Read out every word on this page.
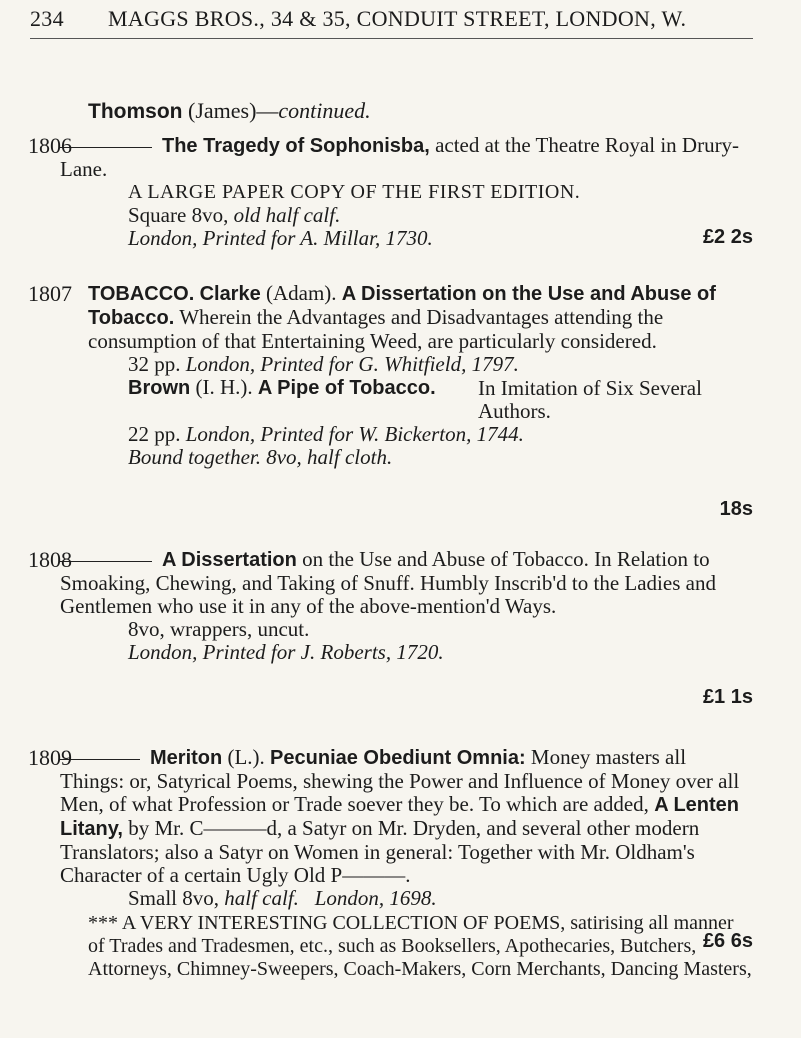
234 MAGGS BROS., 34 & 35, CONDUIT STREET, LONDON, W.
Thomson (James)—continued.
1806	The Tragedy of Sophonisba, acted at the Theatre Royal in Drury-Lane.
A LARGE PAPER COPY OF THE FIRST EDITION.
Square 8vo, old half calf.
London, Printed for A. Millar, 1730.	£2 2s
1807 TOBACCO. Clarke (Adam). A Dissertation on the Use and Abuse of Tobacco. Wherein the Advantages and Disadvantages attending the consumption of that Entertaining Weed, are particularly considered.
32 pp. London, Printed for G. Whitfield, 1797.
Brown (I. H.). A Pipe of Tobacco.	In Imitation of Six Several Authors.
22 pp. London, Printed for W. Bickerton, 1744.
Bound together. 8vo, half cloth.
18s
1808	A Dissertation on the Use and Abuse of Tobacco. In Relation to Smoaking, Chewing, and Taking of Snuff. Humbly Inscrib'd to the Ladies and Gentlemen who use it in any of the above-mention'd Ways.
8vo, wrappers, uncut.
London, Printed for J. Roberts, 1720.
£1 1s
1809	Meriton (L.). Pecuniae Obediunt Omnia: Money masters all Things: or, Satyrical Poems, shewing the Power and Influence of Money over all Men, of what Profession or Trade soever they be. To which are added, A Lenten Litany, by Mr. C———d, a Satyr on Mr. Dryden, and several other modern Translators; also a Satyr on Women in general: Together with Mr. Oldham's Character of a certain Ugly Old P———.
Small 8vo, half calf. London, 1698.
*** A VERY INTERESTING COLLECTION OF POEMS, satirising all manner of Trades and Tradesmen, etc., such as Booksellers, Apothecaries, Butchers, Attorneys, Chimney-Sweepers, Coach-Makers, Corn Merchants, Dancing Masters,
£6 6s
